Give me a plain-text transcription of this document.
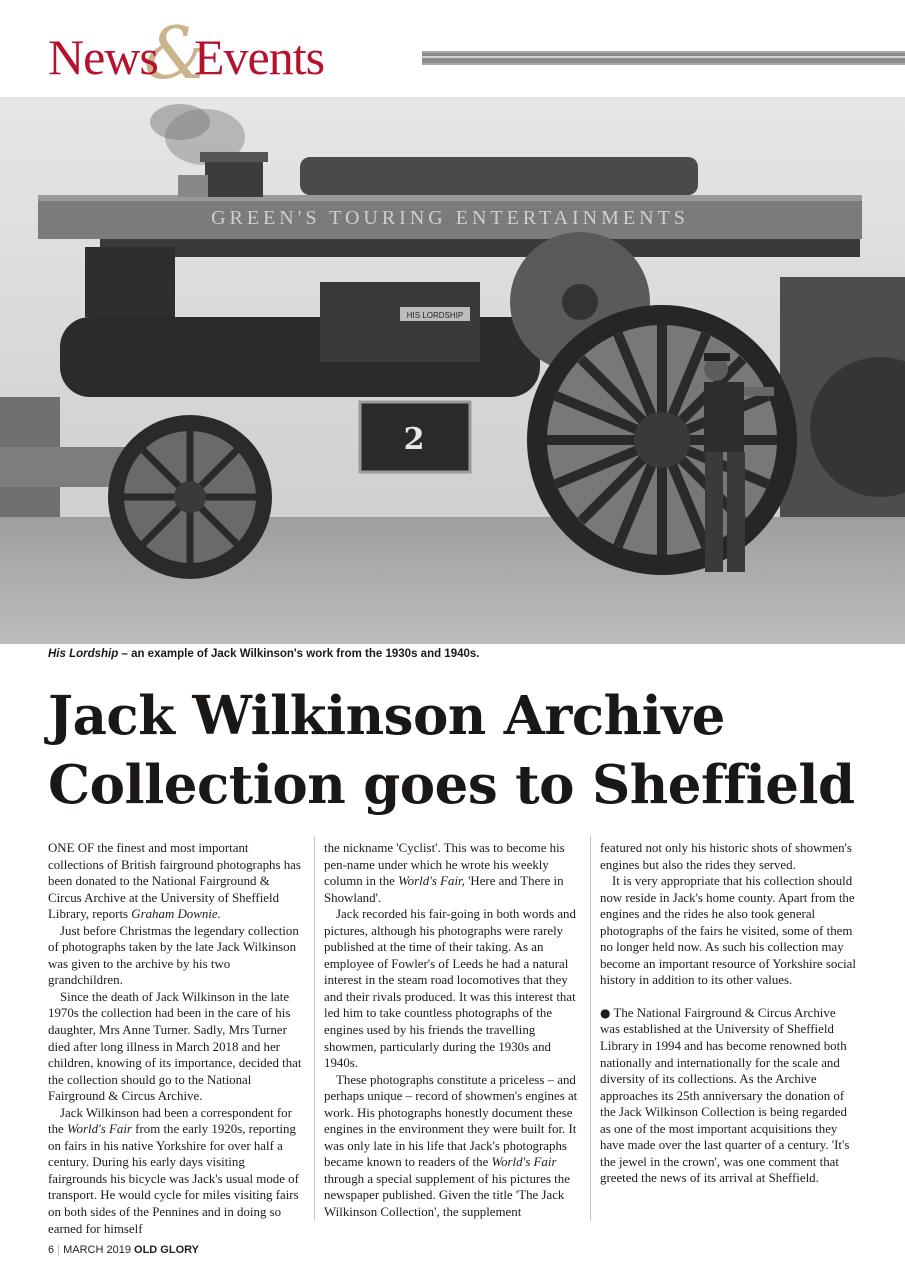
News&Events
GREEN'S TOURING ENTERTAINMENTS
HIS LORDSHIP
2
His Lordship – an example of Jack Wilkinson's work from the 1930s and 1940s.
Jack Wilkinson Archive
Collection goes to Sheffield

ONE OF the finest and most important collections of British fairground photographs has been donated to the National Fairground & Circus Archive at the University of Sheffield Library, reports Graham Downie.

Just before Christmas the legendary collection of photographs taken by the late Jack Wilkinson was given to the archive by his two grandchildren.

Since the death of Jack Wilkinson in the late 1970s the collection had been in the care of his daughter, Mrs Anne Turner. Sadly, Mrs Turner died after long illness in March 2018 and her children, knowing of its importance, decided that the collection should go to the National Fairground & Circus Archive.

Jack Wilkinson had been a correspondent for the World's Fair from the early 1920s, reporting on fairs in his native Yorkshire for over half a century. During his early days visiting fairgrounds his bicycle was Jack's usual mode of transport. He would cycle for miles visiting fairs on both sides of the Pennines and in doing so earned for himself

the nickname 'Cyclist'. This was to become his pen-name under which he wrote his weekly column in the World's Fair, 'Here and There in Showland'.

Jack recorded his fair-going in both words and pictures, although his photographs were rarely published at the time of their taking. As an employee of Fowler's of Leeds he had a natural interest in the steam road locomotives that they and their rivals produced. It was this interest that led him to take countless photographs of the engines used by his friends the travelling showmen, particularly during the 1930s and 1940s.

These photographs constitute a priceless – and perhaps unique – record of showmen's engines at work. His photographs honestly document these engines in the environment they were built for. It was only late in his life that Jack's photographs became known to readers of the World's Fair through a special supplement of his pictures the newspaper published. Given the title 'The Jack Wilkinson Collection', the supplement

featured not only his historic shots of showmen's engines but also the rides they served.

It is very appropriate that his collection should now reside in Jack's home county. Apart from the engines and the rides he also took general photographs of the fairs he visited, some of them no longer held now. As such his collection may become an important resource of Yorkshire social history in addition to its other values.

● The National Fairground & Circus Archive was established at the University of Sheffield Library in 1994 and has become renowned both nationally and internationally for the scale and diversity of its collections. As the Archive approaches its 25th anniversary the donation of the Jack Wilkinson Collection is being regarded as one of the most important acquisitions they have made over the last quarter of a century. 'It's the jewel in the crown', was one comment that greeted the news of its arrival at Sheffield.

6 | MARCH 2019 OLD GLORY
